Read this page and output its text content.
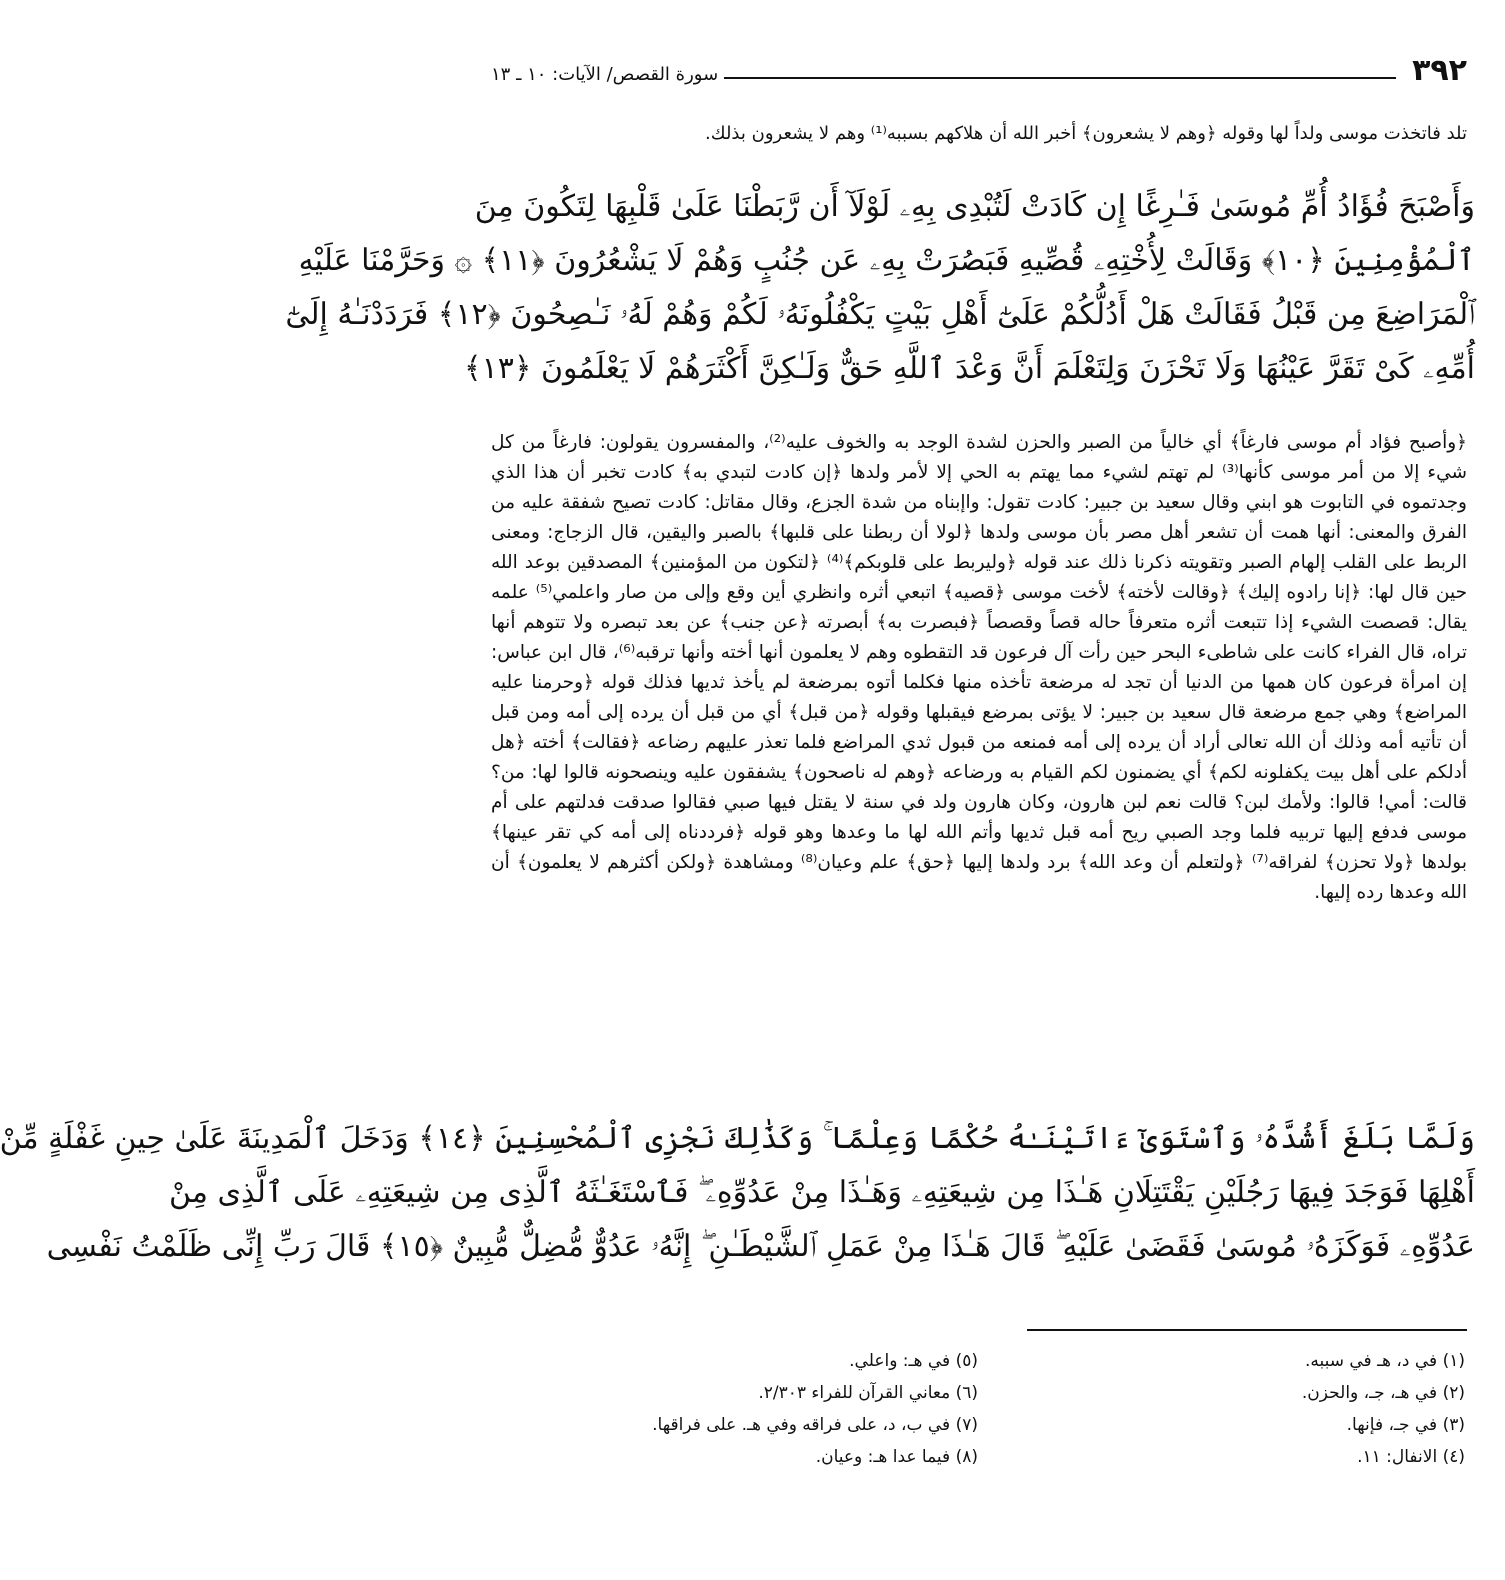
٣٩٢
سورة القصص/ الآيات: ١٠ ـ ١٣
تلد فاتخذت موسى ولداً لها وقوله ﴿وهم لا يشعرون﴾ أخبر الله أن هلاكهم بسببه⁽¹⁾ وهم لا يشعرون بذلك.

وَأَصْبَحَ فُؤَادُ أُمِّ مُوسَىٰ فَـٰرِغًا إِن كَادَتْ لَتُبْدِى بِهِۦ لَوْلَآ أَن رَّبَطْنَا عَلَىٰ قَلْبِهَا لِتَكُونَ مِنَ

ٱلْمُؤْمِنِينَ ﴿١٠﴾ وَقَالَتْ لِأُخْتِهِۦ قُصِّيهِ فَبَصُرَتْ بِهِۦ عَن جُنُبٍ وَهُمْ لَا يَشْعُرُونَ ﴿١١﴾ ۞ وَحَرَّمْنَا عَلَيْهِ

ٱلْمَرَاضِعَ مِن قَبْلُ فَقَالَتْ هَلْ أَدُلُّكُمْ عَلَىٰٓ أَهْلِ بَيْتٍ يَكْفُلُونَهُۥ لَكُمْ وَهُمْ لَهُۥ نَـٰصِحُونَ ﴿١٢﴾ فَرَدَدْنَـٰهُ إِلَىٰٓ

أُمِّهِۦ كَىْ تَقَرَّ عَيْنُهَا وَلَا تَحْزَنَ وَلِتَعْلَمَ أَنَّ وَعْدَ ٱللَّهِ حَقٌّ وَلَـٰكِنَّ أَكْثَرَهُمْ لَا يَعْلَمُونَ ﴿١٣﴾

﴿وأصبح فؤاد أم موسى فارغاً﴾ أي خالياً من الصبر والحزن لشدة الوجد به والخوف عليه⁽²⁾، والمفسرون يقولون: فارغاً من كل شيء إلا من أمر موسى كأنها⁽³⁾ لم تهتم لشيء مما يهتم به الحي إلا لأمر ولدها ﴿إن كادت لتبدي به﴾ كادت تخبر أن هذا الذي وجدتموه في التابوت هو ابني وقال سعيد بن جبير: كادت تقول: واإبناه من شدة الجزع، وقال مقاتل: كادت تصيح شفقة عليه من الفرق والمعنى: أنها همت أن تشعر أهل مصر بأن موسى ولدها ﴿لولا أن ربطنا على قلبها﴾ بالصبر واليقين، قال الزجاج: ومعنى الربط على القلب إلهام الصبر وتقويته ذكرنا ذلك عند قوله ﴿وليربط على قلوبكم﴾⁽⁴⁾ ﴿لتكون من المؤمنين﴾ المصدقين بوعد الله حين قال لها: ﴿إنا رادوه إليك﴾ ﴿وقالت لأخته﴾ لأخت موسى ﴿قصيه﴾ اتبعي أثره وانظري أين وقع وإلى من صار واعلمي⁽⁵⁾ علمه يقال: قصصت الشيء إذا تتبعت أثره متعرفاً حاله قصاً وقصصاً ﴿فبصرت به﴾ أبصرته ﴿عن جنب﴾ عن بعد تبصره ولا تتوهم أنها تراه، قال الفراء كانت على شاطىء البحر حين رأت آل فرعون قد التقطوه وهم لا يعلمون أنها أخته وأنها ترقبه⁽⁶⁾، قال ابن عباس: إن امرأة فرعون كان همها من الدنيا أن تجد له مرضعة تأخذه منها فكلما أتوه بمرضعة لم يأخذ ثديها فذلك قوله ﴿وحرمنا عليه المراضع﴾ وهي جمع مرضعة قال سعيد بن جبير: لا يؤتى بمرضع فيقبلها وقوله ﴿من قبل﴾ أي من قبل أن يرده إلى أمه ومن قبل أن تأتيه أمه وذلك أن الله تعالى أراد أن يرده إلى أمه فمنعه من قبول ثدي المراضع فلما تعذر عليهم رضاعه ﴿فقالت﴾ أخته ﴿هل أدلكم على أهل بيت يكفلونه لكم﴾ أي يضمنون لكم القيام به ورضاعه ﴿وهم له ناصحون﴾ يشفقون عليه وينصحونه قالوا لها: من؟ قالت: أمي! قالوا: ولأمك لبن؟ قالت نعم لبن هارون، وكان هارون ولد في سنة لا يقتل فيها صبي فقالوا صدقت فدلتهم على أم موسى فدفع إليها تربيه فلما وجد الصبي ريح أمه قبل ثديها وأتم الله لها ما وعدها وهو قوله ﴿فرددناه إلى أمه كي تقر عينها﴾ بولدها ﴿ولا تحزن﴾ لفراقه⁽⁷⁾ ﴿ولتعلم أن وعد الله﴾ برد ولدها إليها ﴿حق﴾ علم وعيان⁽⁸⁾ ومشاهدة ﴿ولكن أكثرهم لا يعلمون﴾ أن الله وعدها رده إليها.

وَلَمَّا بَلَغَ أَشُدَّهُۥ وَٱسْتَوَىٰٓ ءَاتَيْنَـٰهُ حُكْمًا وَعِلْمًا ۚ وَكَذَٰلِكَ نَجْزِى ٱلْمُحْسِنِينَ ﴿١٤﴾ وَدَخَلَ ٱلْمَدِينَةَ عَلَىٰ حِينِ غَفْلَةٍ مِّنْ

أَهْلِهَا فَوَجَدَ فِيهَا رَجُلَيْنِ يَقْتَتِلَانِ هَـٰذَا مِن شِيعَتِهِۦ وَهَـٰذَا مِنْ عَدُوِّهِۦ ۖ فَٱسْتَغَـٰثَهُ ٱلَّذِى مِن شِيعَتِهِۦ عَلَى ٱلَّذِى مِنْ

عَدُوِّهِۦ فَوَكَزَهُۥ مُوسَىٰ فَقَضَىٰ عَلَيْهِ ۖ قَالَ هَـٰذَا مِنْ عَمَلِ ٱلشَّيْطَـٰنِ ۖ إِنَّهُۥ عَدُوٌّ مُّضِلٌّ مُّبِينٌ ﴿١٥﴾ قَالَ رَبِّ إِنِّى ظَلَمْتُ نَفْسِى

(١) في د، هـ في سببه.
(٢) في هـ، جـ، والحزن.
(٣) في جـ، فإنها.
(٤) الانفال: ١١.
(٥) في هـ: واعلي.
(٦) معاني القرآن للفراء ٢/٣٠٣.
(٧) في ب، د، على فراقه وفي هـ. على فراقها.
(٨) فيما عدا هـ: وعيان.
